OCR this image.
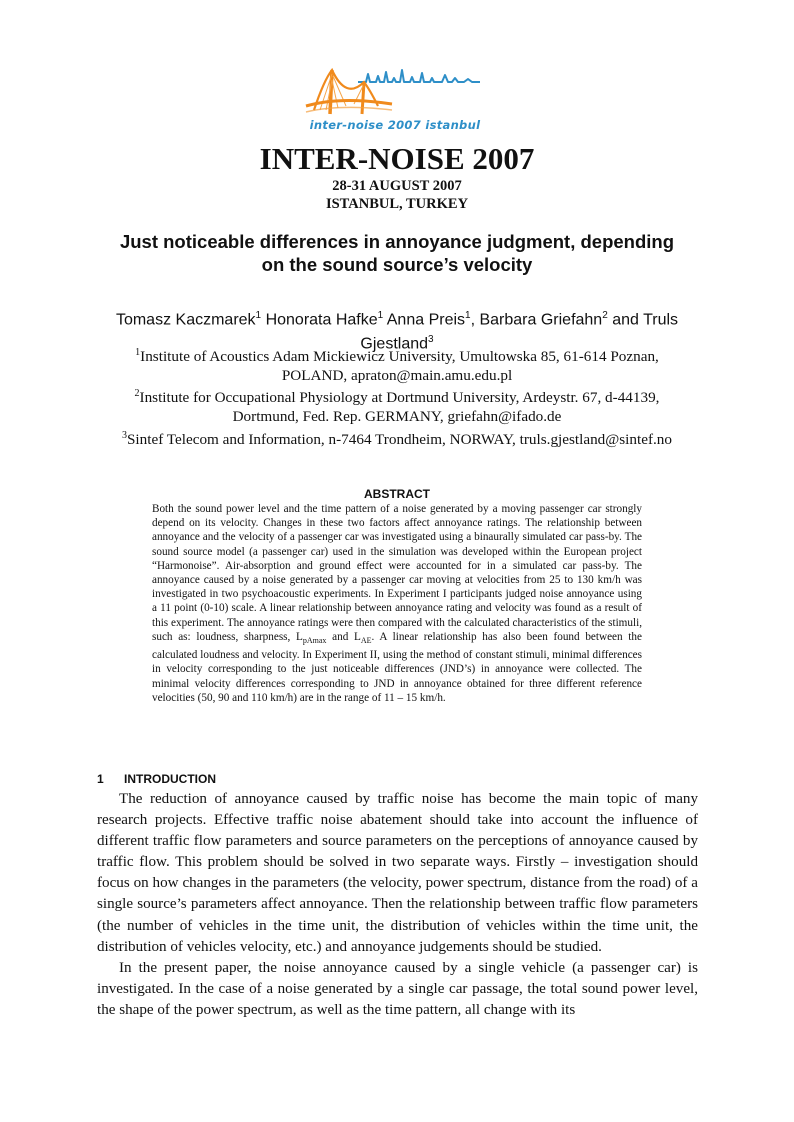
inter-noise 2007 istanbul
INTER-NOISE 2007
28-31 AUGUST 2007
ISTANBUL, TURKEY
Just noticeable differences in annoyance judgment, depending on the sound source’s velocity
Tomasz Kaczmarek$^1$ Honorata Hafke$^1$ Anna Preis$^1$, Barbara Griefahn$^2$ and Truls Gjestland$^3$
$^1$Institute of Acoustics Adam Mickiewicz University, Umultowska 85, 61-614 Poznan, POLAND, apraton@main.amu.edu.pl
$^2$Institute for Occupational Physiology at Dortmund University, Ardeystr. 67, d-44139, Dortmund, Fed. Rep. GERMANY, griefahn@ifado.de
$^3$Sintef Telecom and Information, n-7464 Trondheim, NORWAY, truls.gjestland@sintef.no
ABSTRACT
Both the sound power level and the time pattern of a noise generated by a moving passenger car strongly depend on its velocity. Changes in these two factors affect annoyance ratings. The relationship between annoyance and the velocity of a passenger car was investigated using a binaurally simulated car pass-by. The sound source model (a passenger car) used in the simulation was developed within the European project “Harmonoise”. Air-absorption and ground effect were accounted for in a simulated car pass-by. The annoyance caused by a noise generated by a passenger car moving at velocities from 25 to 130 km/h was investigated in two psychoacoustic experiments. In Experiment I participants judged noise annoyance using a 11 point (0-10) scale. A linear relationship between annoyance rating and velocity was found as a result of this experiment. The annoyance ratings were then compared with the calculated characteristics of the stimuli, such as: loudness, sharpness, $L_{pAmax}$ and $L_{AE}$. A linear relationship has also been found between the calculated loudness and velocity. In Experiment II, using the method of constant stimuli, minimal differences in velocity corresponding to the just noticeable differences (JND’s) in annoyance were collected. The minimal velocity differences corresponding to JND in annoyance obtained for three different reference velocities (50, 90 and 110 km/h) are in the range of 11 – 15 km/h.
1 INTRODUCTION

The reduction of annoyance caused by traffic noise has become the main topic of many research projects. Effective traffic noise abatement should take into account the influence of different traffic flow parameters and source parameters on the perceptions of annoyance caused by traffic flow. This problem should be solved in two separate ways. Firstly – investigation should focus on how changes in the parameters (the velocity, power spectrum, distance from the road) of a single source’s parameters affect annoyance. Then the relationship between traffic flow parameters (the number of vehicles in the time unit, the distribution of vehicles within the time unit, the distribution of vehicles velocity, etc.) and annoyance judgements should be studied.

In the present paper, the noise annoyance caused by a single vehicle (a passenger car) is investigated. In the case of a noise generated by a single car passage, the total sound power level, the shape of the power spectrum, as well as the time pattern, all change with its
